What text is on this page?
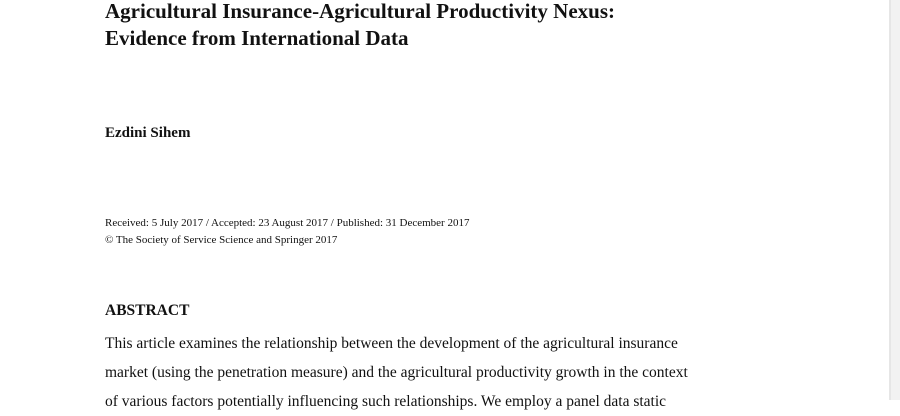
Agricultural Insurance-Agricultural Productivity Nexus:
Evidence from International Data
Ezdini Sihem
Received: 5 July 2017 / Accepted: 23 August 2017 / Published: 31 December 2017
© The Society of Service Science and Springer 2017
ABSTRACT
This article examines the relationship between the development of the agricultural insurance
market (using the penetration measure) and the agricultural productivity growth in the context
of various factors potentially influencing such relationships. We employ a panel data static
